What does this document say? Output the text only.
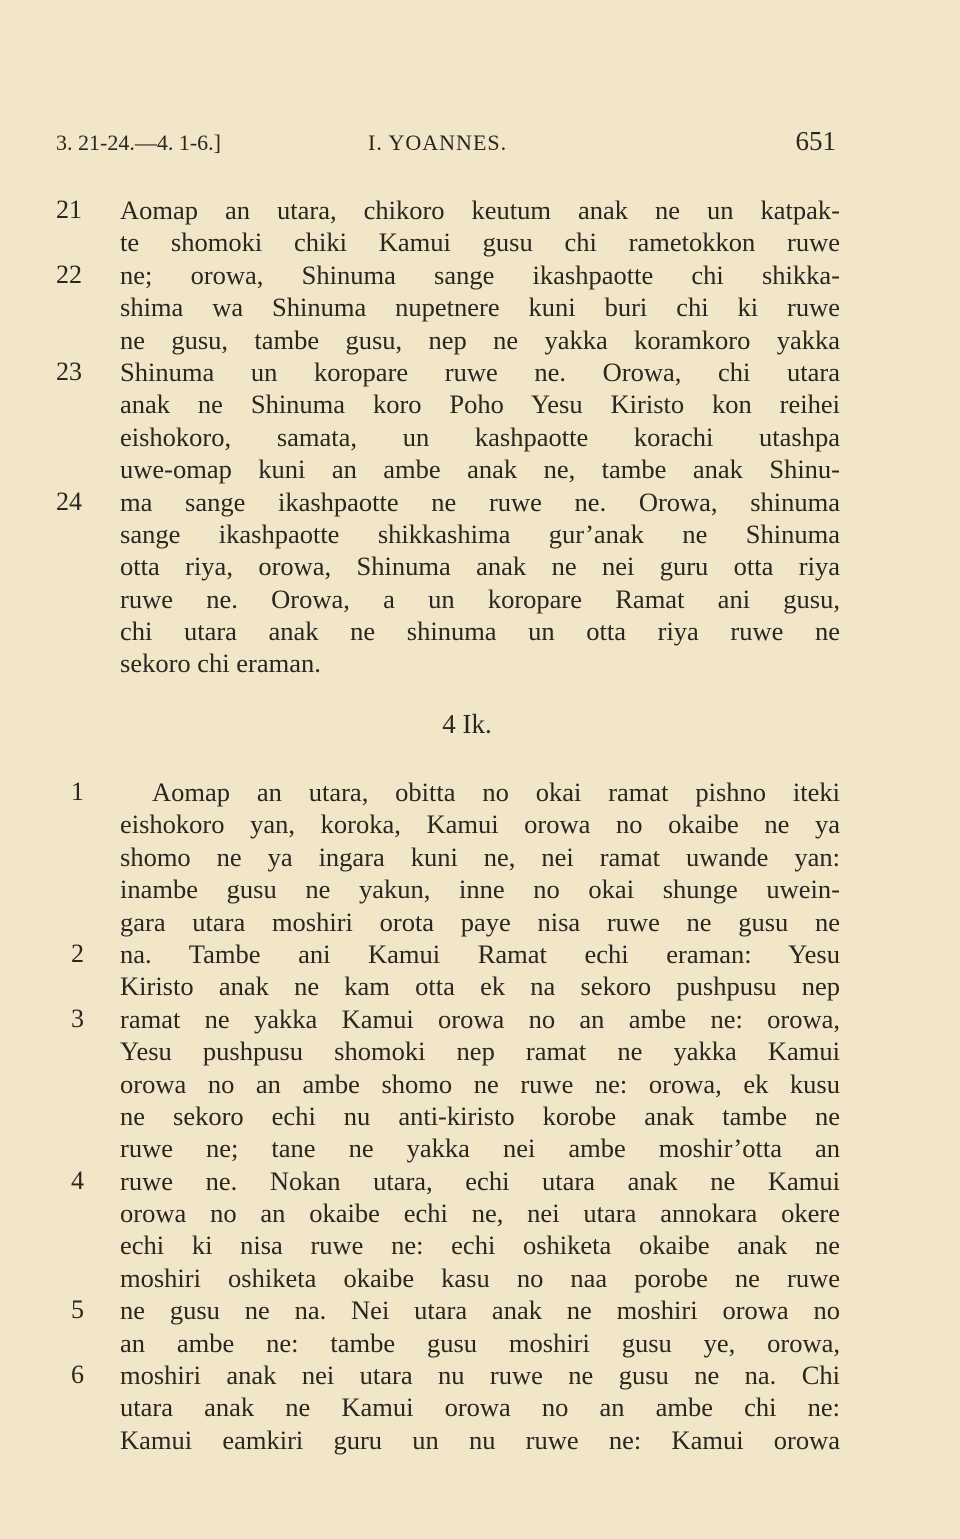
3. 21-24.—4. 1-6.]	I. YOANNES.	651
21	Aomap an utara, chikoro keutum anak ne un katpak-
te shomoki chiki Kamui gusu chi rametokkon ruwe
22	ne; orowa, Shinuma sange ikashpaotte chi shikka-
shima wa Shinuma nupetnere kuni buri chi ki ruwe
ne gusu, tambe gusu, nep ne yakka koramkoro yakka
23	Shinuma un koropare ruwe ne. Orowa, chi utara
anak ne Shinuma koro Poho Yesu Kiristo kon reihei
eishokoro, samata, un kashpaotte korachi utashpa
uwe-omap kuni an ambe anak ne, tambe anak Shinu-
24	ma sange ikashpaotte ne ruwe ne. Orowa, shinuma
sange ikashpaotte shikkashima gur’anak ne Shinuma
otta riya, orowa, Shinuma anak ne nei guru otta riya
ruwe ne. Orowa, a un koropare Ramat ani gusu,
chi utara anak ne shinuma un otta riya ruwe ne
sekoro chi eraman.
4 Ik.
1	Aomap an utara, obitta no okai ramat pishno iteki
eishokoro yan, koroka, Kamui orowa no okaibe ne ya
shomo ne ya ingara kuni ne, nei ramat uwande yan:
inambe gusu ne yakun, inne no okai shunge uwein-
gara utara moshiri orota paye nisa ruwe ne gusu ne
2	na. Tambe ani Kamui Ramat echi eraman: Yesu
Kiristo anak ne kam otta ek na sekoro pushpusu nep
3	ramat ne yakka Kamui orowa no an ambe ne: orowa,
Yesu pushpusu shomoki nep ramat ne yakka Kamui
orowa no an ambe shomo ne ruwe ne: orowa, ek kusu
ne sekoro echi nu anti-kiristo korobe anak tambe ne
ruwe ne; tane ne yakka nei ambe moshir’otta an
4	ruwe ne. Nokan utara, echi utara anak ne Kamui
orowa no an okaibe echi ne, nei utara annokara okere
echi ki nisa ruwe ne: echi oshiketa okaibe anak ne
moshiri oshiketa okaibe kasu no naa porobe ne ruwe
5	ne gusu ne na. Nei utara anak ne moshiri orowa no
an ambe ne: tambe gusu moshiri gusu ye, orowa,
6	moshiri anak nei utara nu ruwe ne gusu ne na. Chi
utara anak ne Kamui orowa no an ambe chi ne:
Kamui eamkiri guru un nu ruwe ne: Kamui orowa
